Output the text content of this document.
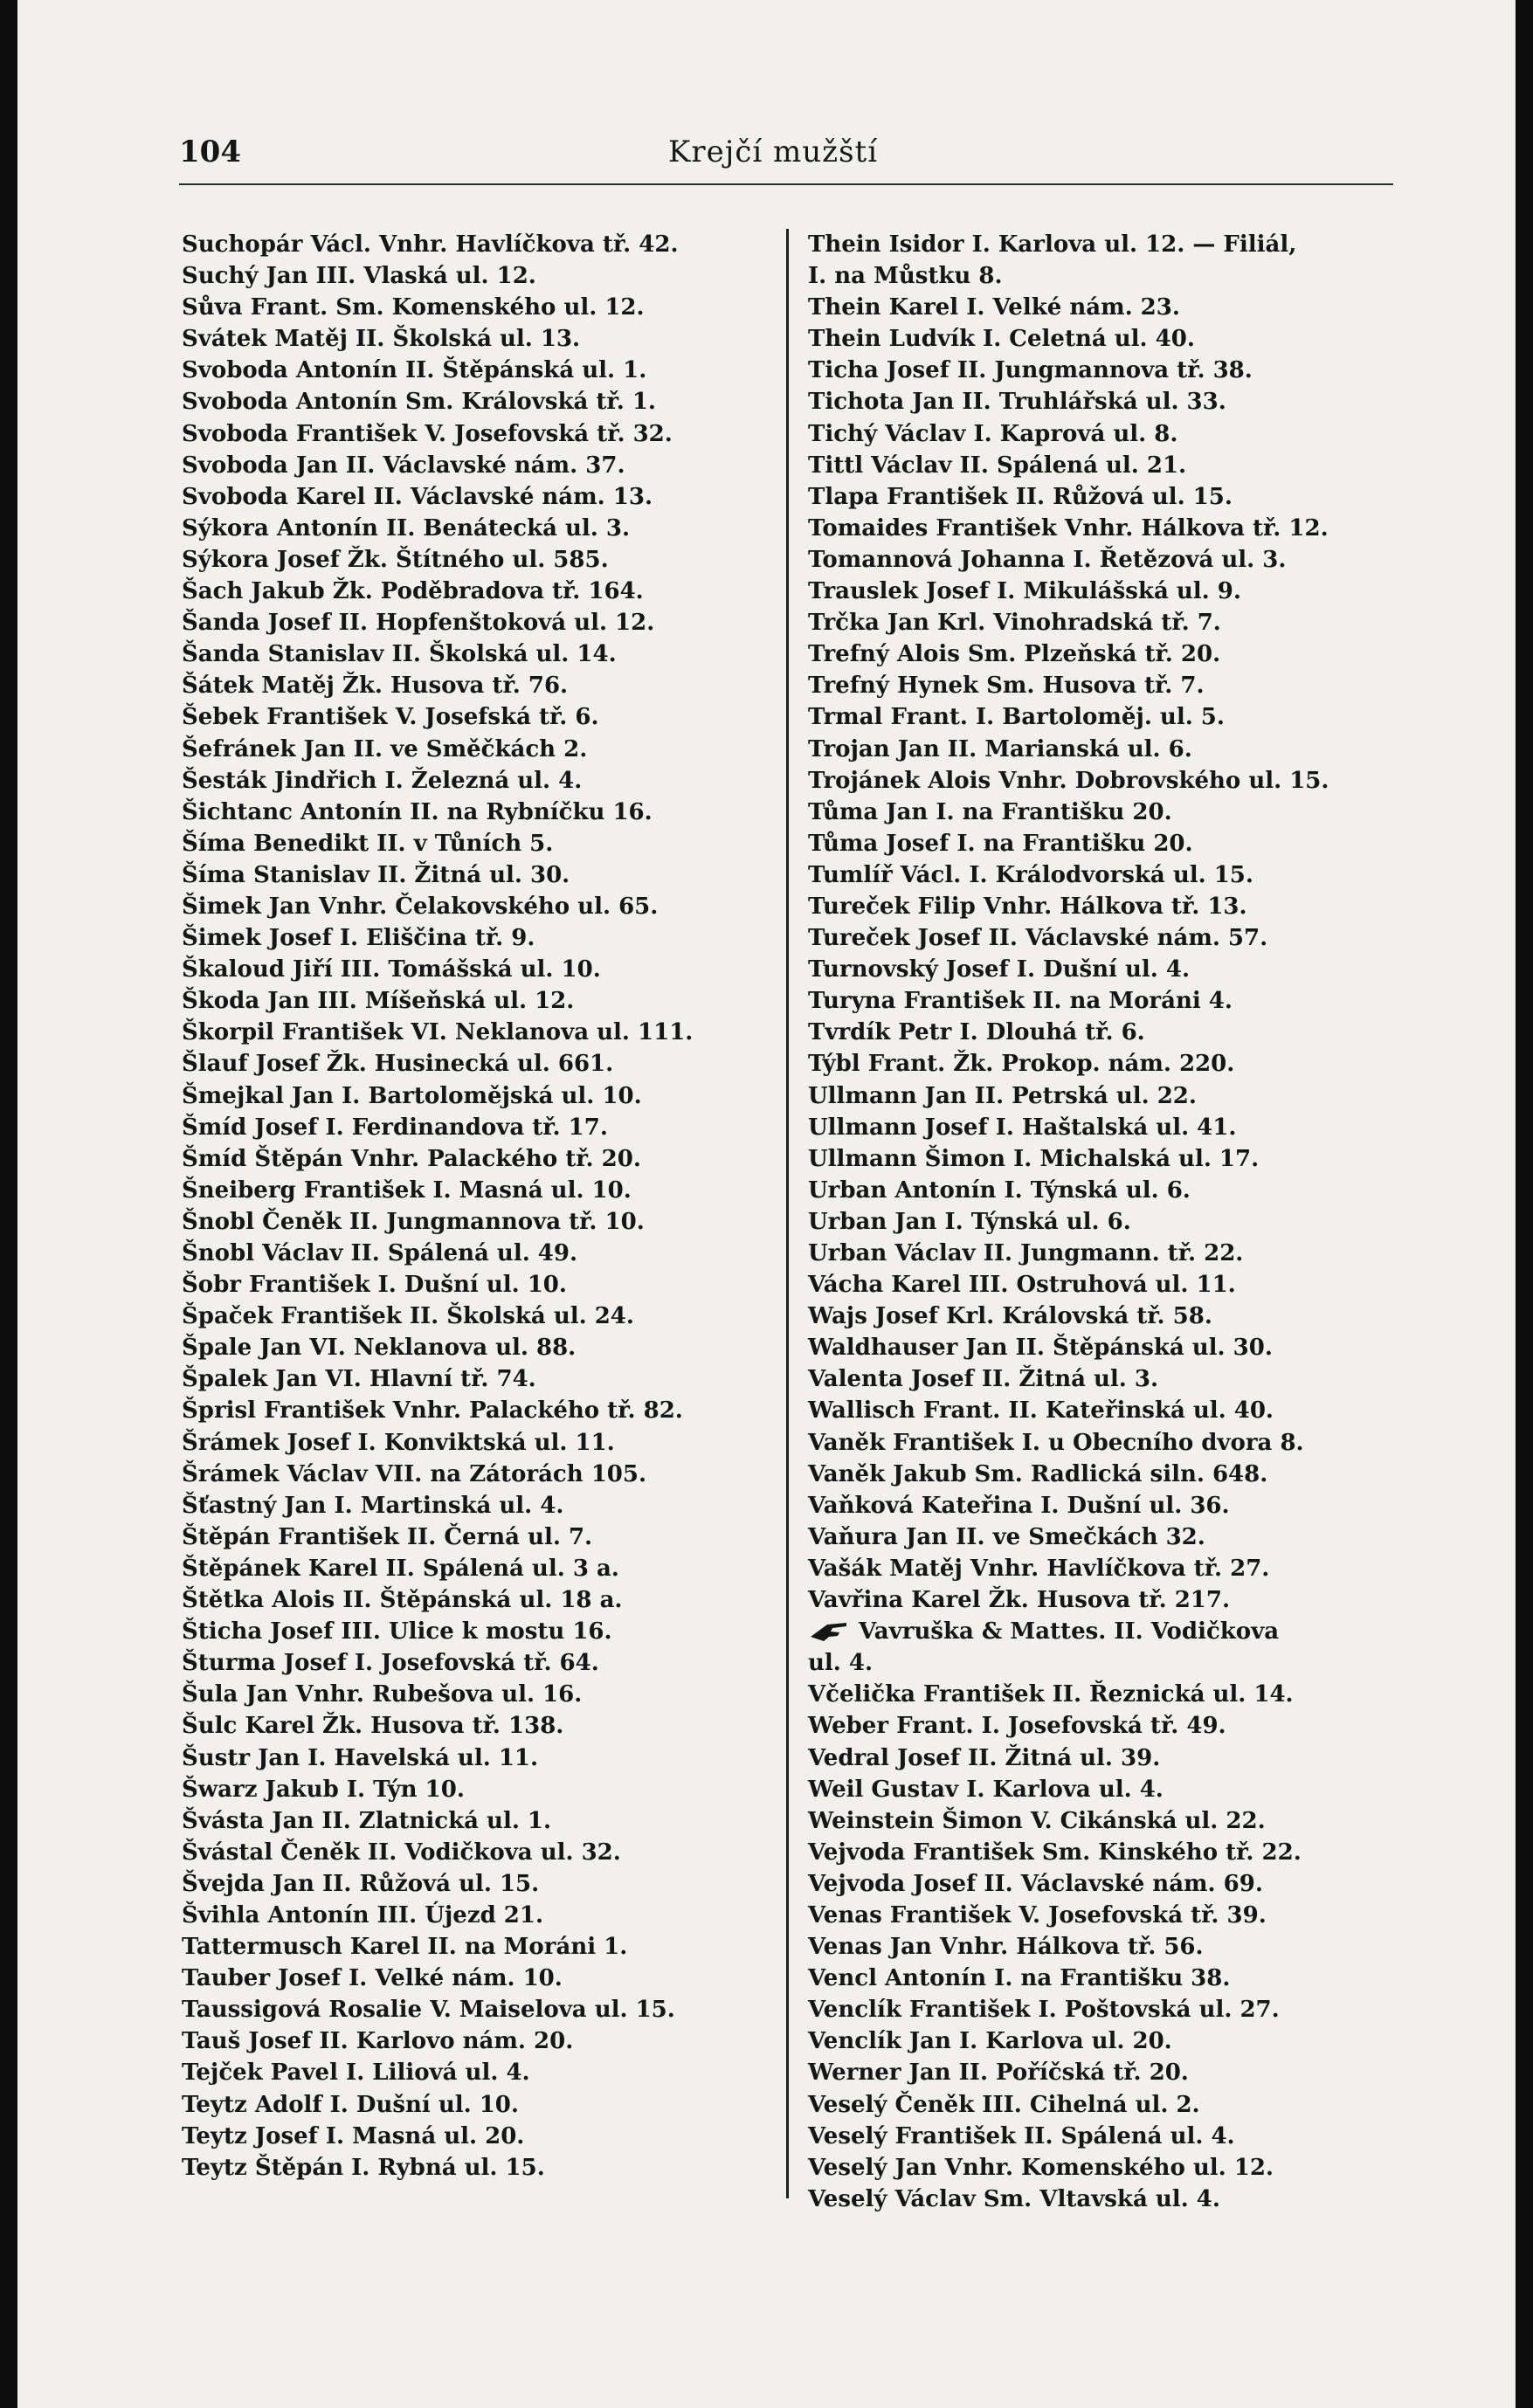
104	Krejčí mužští
Suchopár Václ. Vnhr. Havlíčkova tř. 42.
Suchý Jan III. Vlaská ul. 12.
Sůva Frant. Sm. Komenského ul. 12.
Svátek Matěj II. Školská ul. 13.
Svoboda Antonín II. Štěpánská ul. 1.
Svoboda Antonín Sm. Královská tř. 1.
Svoboda František V. Josefovská tř. 32.
Svoboda Jan II. Václavské nám. 37.
Svoboda Karel II. Václavské nám. 13.
Sýkora Antonín II. Benátecká ul. 3.
Sýkora Josef Žk. Štítného ul. 585.
Šach Jakub Žk. Poděbradova tř. 164.
Šanda Josef II. Hopfenštoková ul. 12.
Šanda Stanislav II. Školská ul. 14.
Šátek Matěj Žk. Husova tř. 76.
Šebek František V. Josefská tř. 6.
Šefránek Jan II. ve Směčkách 2.
Šesták Jindřich I. Železná ul. 4.
Šichtanc Antonín II. na Rybníčku 16.
Šíma Benedikt II. v Tůních 5.
Šíma Stanislav II. Žitná ul. 30.
Šimek Jan Vnhr. Čelakovského ul. 65.
Šimek Josef I. Eliščina tř. 9.
Škaloud Jiří III. Tomášská ul. 10.
Škoda Jan III. Míšeňská ul. 12.
Škorpil František VI. Neklanova ul. 111.
Šlauf Josef Žk. Husinecká ul. 661.
Šmejkal Jan I. Bartolomějská ul. 10.
Šmíd Josef I. Ferdinandova tř. 17.
Šmíd Štěpán Vnhr. Palackého tř. 20.
Šneiberg František I. Masná ul. 10.
Šnobl Čeněk II. Jungmannova tř. 10.
Šnobl Václav II. Spálená ul. 49.
Šobr František I. Dušní ul. 10.
Špaček František II. Školská ul. 24.
Špale Jan VI. Neklanova ul. 88.
Špalek Jan VI. Hlavní tř. 74.
Šprisl František Vnhr. Palackého tř. 82.
Šrámek Josef I. Konviktská ul. 11.
Šrámek Václav VII. na Zátorách 105.
Šťastný Jan I. Martinská ul. 4.
Štěpán František II. Černá ul. 7.
Štěpánek Karel II. Spálená ul. 3 a.
Štětka Alois II. Štěpánská ul. 18 a.
Šticha Josef III. Ulice k mostu 16.
Šturma Josef I. Josefovská tř. 64.
Šula Jan Vnhr. Rubešova ul. 16.
Šulc Karel Žk. Husova tř. 138.
Šustr Jan I. Havelská ul. 11.
Šwarz Jakub I. Týn 10.
Švásta Jan II. Zlatnická ul. 1.
Švástal Čeněk II. Vodičkova ul. 32.
Švejda Jan II. Růžová ul. 15.
Švihla Antonín III. Újezd 21.
Tattermusch Karel II. na Moráni 1.
Tauber Josef I. Velké nám. 10.
Taussigová Rosalie V. Maiselova ul. 15.
Tauš Josef II. Karlovo nám. 20.
Tejček Pavel I. Liliová ul. 4.
Teytz Adolf I. Dušní ul. 10.
Teytz Josef I. Masná ul. 20.
Teytz Štěpán I. Rybná ul. 15.
Thein Isidor I. Karlova ul. 12. — Filiál,
I. na Můstku 8.
Thein Karel I. Velké nám. 23.
Thein Ludvík I. Celetná ul. 40.
Ticha Josef II. Jungmannova tř. 38.
Tichota Jan II. Truhlářská ul. 33.
Tichý Václav I. Kaprová ul. 8.
Tittl Václav II. Spálená ul. 21.
Tlapa František II. Růžová ul. 15.
Tomaides František Vnhr. Hálkova tř. 12.
Tomannová Johanna I. Řetězová ul. 3.
Trauslek Josef I. Mikulášská ul. 9.
Trčka Jan Krl. Vinohradská tř. 7.
Trefný Alois Sm. Plzeňská tř. 20.
Trefný Hynek Sm. Husova tř. 7.
Trmal Frant. I. Bartoloměj. ul. 5.
Trojan Jan II. Marianská ul. 6.
Trojánek Alois Vnhr. Dobrovského ul. 15.
Tůma Jan I. na Františku 20.
Tůma Josef I. na Františku 20.
Tumlíř Václ. I. Králodvorská ul. 15.
Tureček Filip Vnhr. Hálkova tř. 13.
Tureček Josef II. Václavské nám. 57.
Turnovský Josef I. Dušní ul. 4.
Turyna František II. na Moráni 4.
Tvrdík Petr I. Dlouhá tř. 6.
Týbl Frant. Žk. Prokop. nám. 220.
Ullmann Jan II. Petrská ul. 22.
Ullmann Josef I. Haštalská ul. 41.
Ullmann Šimon I. Michalská ul. 17.
Urban Antonín I. Týnská ul. 6.
Urban Jan I. Týnská ul. 6.
Urban Václav II. Jungmann. tř. 22.
Vácha Karel III. Ostruhová ul. 11.
Wajs Josef Krl. Královská tř. 58.
Waldhauser Jan II. Štěpánská ul. 30.
Valenta Josef II. Žitná ul. 3.
Wallisch Frant. II. Kateřinská ul. 40.
Vaněk František I. u Obecního dvora 8.
Vaněk Jakub Sm. Radlická siln. 648.
Vaňková Kateřina I. Dušní ul. 36.
Vaňura Jan II. ve Smečkách 32.
Vašák Matěj Vnhr. Havlíčkova tř. 27.
Vavřina Karel Žk. Husova tř. 217.
Vavruška & Mattes. II. Vodičkova
ul. 4.
Včelička František II. Řeznická ul. 14.
Weber Frant. I. Josefovská tř. 49.
Vedral Josef II. Žitná ul. 39.
Weil Gustav I. Karlova ul. 4.
Weinstein Šimon V. Cikánská ul. 22.
Vejvoda František Sm. Kinského tř. 22.
Vejvoda Josef II. Václavské nám. 69.
Venas František V. Josefovská tř. 39.
Venas Jan Vnhr. Hálkova tř. 56.
Vencl Antonín I. na Františku 38.
Venclík František I. Poštovská ul. 27.
Venclík Jan I. Karlova ul. 20.
Werner Jan II. Poříčská tř. 20.
Veselý Čeněk III. Cihelná ul. 2.
Veselý František II. Spálená ul. 4.
Veselý Jan Vnhr. Komenského ul. 12.
Veselý Václav Sm. Vltavská ul. 4.
